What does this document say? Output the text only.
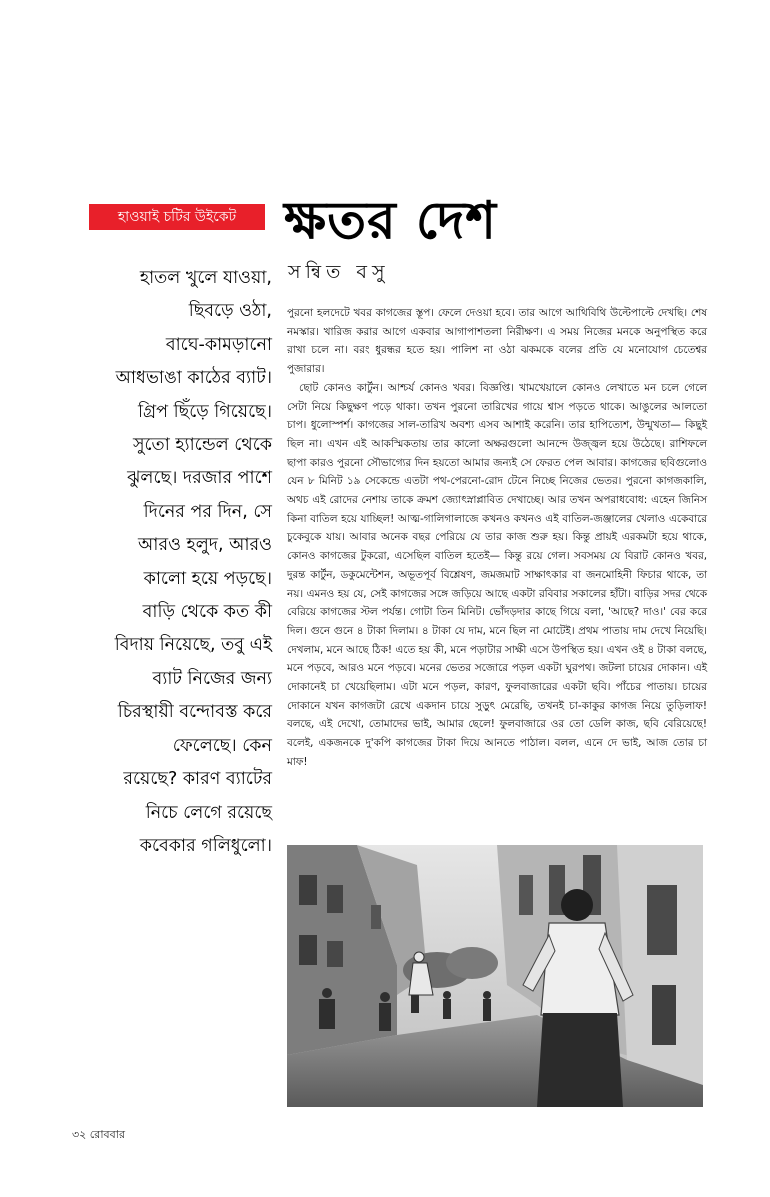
হাওয়াই চটির উইকেট ক্ষতর দেশ
সন্বিত বসু
হাতল খুলে যাওয়া,
ছিবড়ে ওঠা,
বাঘে-কামড়ানো
আধভাঙা কাঠের ব্যাট।
গ্রিপ ছিঁড়ে গিয়েছে।
সুতো হ্যান্ডেল থেকে
ঝুলছে। দরজার পাশে
দিনের পর দিন, সে
আরও হলুদ, আরও
কালো হয়ে পড়ছে।
বাড়ি থেকে কত কী
বিদায় নিয়েছে, তবু এই
ব্যাট নিজের জন্য
চিরস্থায়ী বন্দোবস্ত করে
ফেলেছে। কেন
রয়েছে? কারণ ব্যাটের
নিচে লেগে রয়েছে
কবেকার গলিধুলো।

পুরনো হলদেটে খবর কাগজের স্তূপ। ফেলে দেওয়া হবে। তার আগে আথিবিথি উল্টেপাল্টে দেখছি। শেষ নমস্কার। খারিজ করার আগে একবার আগাপাশতলা নিরীক্ষণ। এ সময় নিজের মনকে অনুপস্থিত করে রাখা চলে না। বরং ধুরন্ধর হতে হয়। পালিশ না ওঠা ঝকমকে বলের প্রতি যে মনোযোগ চেতেশ্বর পুজারার।

ছোট কোনও কার্টুন। আশ্চর্য কোনও খবর। বিজ্ঞপ্তি। খামখেয়ালে কোনও লেখাতে মন চলে গেলে সেটা নিয়ে কিছুক্ষণ পড়ে থাকা। তখন পুরনো তারিখের গায়ে শ্বাস পড়তে থাকে। আঙুলের আলতো চাপ। ধুলোস্পর্শ। কাগজের সাল-তারিখ অবশ্য এসব আশাই করেনি। তার হাপিত্যেশ, উন্মুখতা— কিছুই ছিল না। এখন এই আকস্মিকতায় তার কালো অক্ষরগুলো আনন্দে উজ্জ্বল হয়ে উঠেছে। রাশিফলে ছাপা কারও পুরনো সৌভাগ্যের দিন হয়তো আমার জন্যই সে ফেরত পেল আবার। কাগজের ছবিগুলোও যেন ৮ মিনিট ১৯ সেকেন্ডে এতটা পথ-পেরনো-রোদ টেনে নিচ্ছে নিজের ভেতর। পুরনো কাগজকালি, অথচ এই রোদের নেশায় তাকে ক্রমশ জ্যোৎস্নাপ্লাবিত দেখাচ্ছে। আর তখন অপরাধবোধ: এহেন জিনিস কিনা বাতিল হয়ে যাচ্ছিল! আত্ম-গালিগালাজে কখনও কখনও এই বাতিল-জঞ্জালের খেলাও একেবারে চুকেবুকে যায়। আবার অনেক বছর পেরিয়ে যে তার কাজ শুরু হয়। কিন্তু প্রায়ই এরকমটা হয়ে থাকে, কোনও কাগজের টুকরো, এসেছিল বাতিল হতেই— কিন্তু রয়ে গেল। সবসময় যে বিরাট কোনও খবর, দুরন্ত কার্টুন, ডকুমেন্টেশন, অভূতপূর্ব বিশ্লেষণ, জমজমাট সাক্ষাৎকার বা জনমোহিনী ফিচার থাকে, তা নয়। এমনও হয় যে, সেই কাগজের সঙ্গে জড়িয়ে আছে একটা রবিবার সকালের হাঁটা। বাড়ির সদর থেকে বেরিয়ে কাগজের স্টল পর্যন্ত। গোটা তিন মিনিট। ভোঁদড়দার কাছে গিয়ে বলা, 'আছে? দাও।' বের করে দিল। গুনে গুনে ৪ টাকা দিলাম। ৪ টাকা যে দাম, মনে ছিল না মোটেই। প্রথম পাতায় দাম দেখে নিয়েছি। দেখলাম, মনে আছে ঠিক! এতে হয় কী, মনে পড়াটার সাক্ষী এসে উপস্থিত হয়। এখন ওই ৪ টাকা বলছে, মনে পড়বে, আরও মনে পড়বে। মনের ভেতর সজোরে পড়ল একটা ঘুরপথ। জটলা চায়ের দোকান। এই দোকানেই চা খেয়েছিলাম। এটা মনে পড়ল, কারণ, ফুলবাজারের একটা ছবি। পাঁচের পাতায়। চায়ের দোকানে যখন কাগজটা রেখে একদান চায়ে সুড়ুৎ মেরেছি, তখনই চা-কাকুর কাগজ নিয়ে তুড়িলাফ! বলছে, এই দেখো, তোমাদের ভাই, আমার ছেলে! ফুলবাজারে ওর তো ডেলি কাজ, ছবি বেরিয়েছে! বলেই, একজনকে দু'কপি কাগজের টাকা দিয়ে আনতে পাঠাল। বলল, এনে দে ভাই, আজ তোর চা মাফ!

৩২ রোববার
